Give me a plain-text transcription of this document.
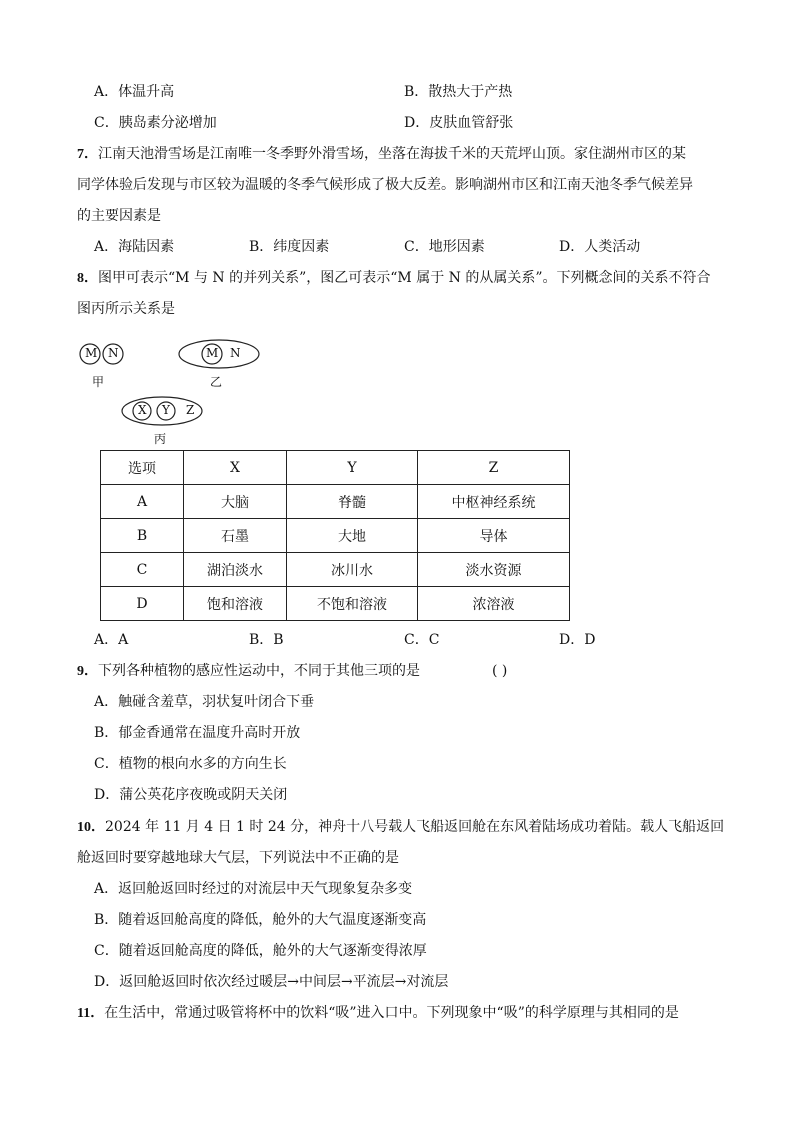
A．体温升高	B．散热大于产热
C．胰岛素分泌增加	D．皮肤血管舒张
7．江南天池滑雪场是江南唯一冬季野外滑雪场，坐落在海拔千米的天荒坪山顶。家住湖州市区的某
同学体验后发现与市区较为温暖的冬季气候形成了极大反差。影响湖州市区和江南天池冬季气候差异
的主要因素是
A．海陆因素	B．纬度因素	C．地形因素	D．人类活动
8．图甲可表示“M 与 N 的并列关系”，图乙可表示“M 属于 N 的从属关系”。下列概念间的关系不符合
图丙所示关系是
M N
甲
M N
乙
X Y Z
丙
选项	X	Y	Z
A	大脑	脊髓	中枢神经系统
B	石墨	大地	导体
C	湖泊淡水	冰川水	淡水资源
D	饱和溶液	不饱和溶液	浓溶液
A．A	B．B	C．C	D．D
9．下列各种植物的感应性运动中，不同于其他三项的是	( )
A．触碰含羞草，羽状复叶闭合下垂
B．郁金香通常在温度升高时开放
C．植物的根向水多的方向生长
D．蒲公英花序夜晚或阴天关闭
10．2024 年 11 月 4 日 1 时 24 分，神舟十八号载人飞船返回舱在东风着陆场成功着陆。载人飞船返回
舱返回时要穿越地球大气层，下列说法中不正确的是
A．返回舱返回时经过的对流层中天气现象复杂多变
B．随着返回舱高度的降低，舱外的大气温度逐渐变高
C．随着返回舱高度的降低，舱外的大气逐渐变得浓厚
D．返回舱返回时依次经过暖层→中间层→平流层→对流层
11．在生活中，常通过吸管将杯中的饮料“吸”进入口中。下列现象中“吸”的科学原理与其相同的是
